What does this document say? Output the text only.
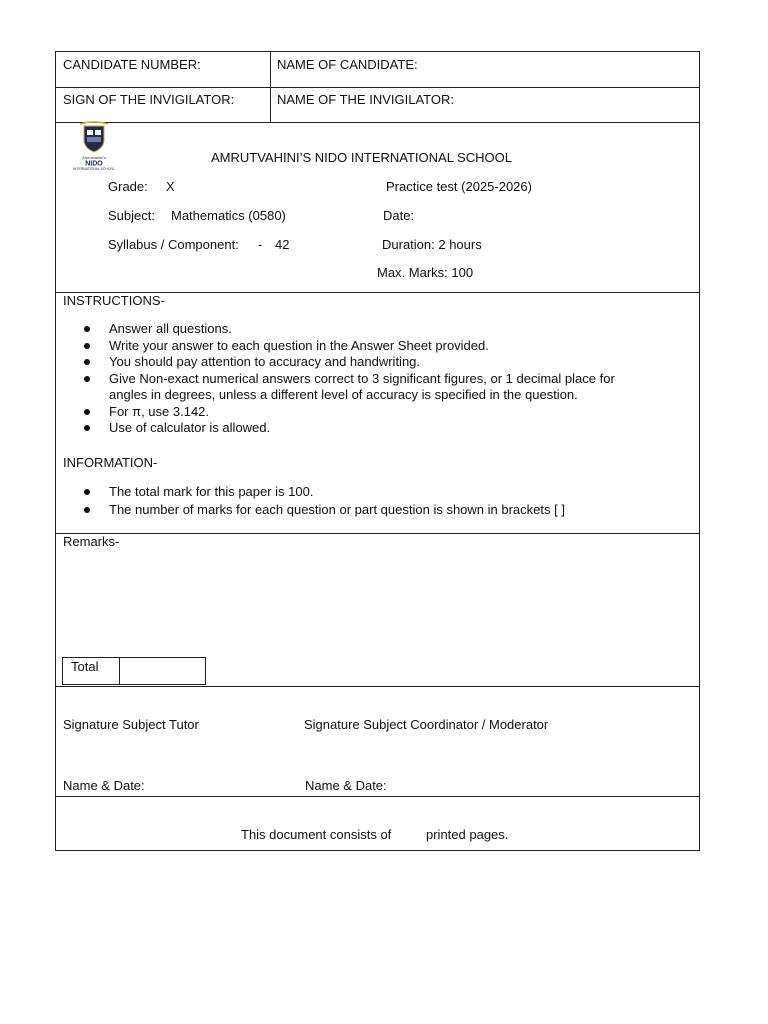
CANDIDATE NUMBER:	NAME OF CANDIDATE:
SIGN OF THE INVIGILATOR:	NAME OF THE INVIGILATOR:
Amrutvahini's
NIDO
INTERNATIONAL SCHOOL
AMRUTVAHINI’S NIDO INTERNATIONAL SCHOOL
Grade: X	Practice test (2025-2026)
Subject: Mathematics (0580)	Date:
Syllabus / Component: - 42	Duration: 2 hours
Max. Marks: 100
INSTRUCTIONS-
Answer all questions.
Write your answer to each question in the Answer Sheet provided.
You should pay attention to accuracy and handwriting.
Give Non-exact numerical answers correct to 3 significant figures, or 1 decimal place for
angles in degrees, unless a different level of accuracy is specified in the question.
For π, use 3.142.
Use of calculator is allowed.
INFORMATION-
The total mark for this paper is 100.
The number of marks for each question or part question is shown in brackets [ ]
Remarks-
Total
Signature Subject Tutor	Signature Subject Coordinator / Moderator
Name & Date:	Name & Date:
This document consists of	printed pages.
